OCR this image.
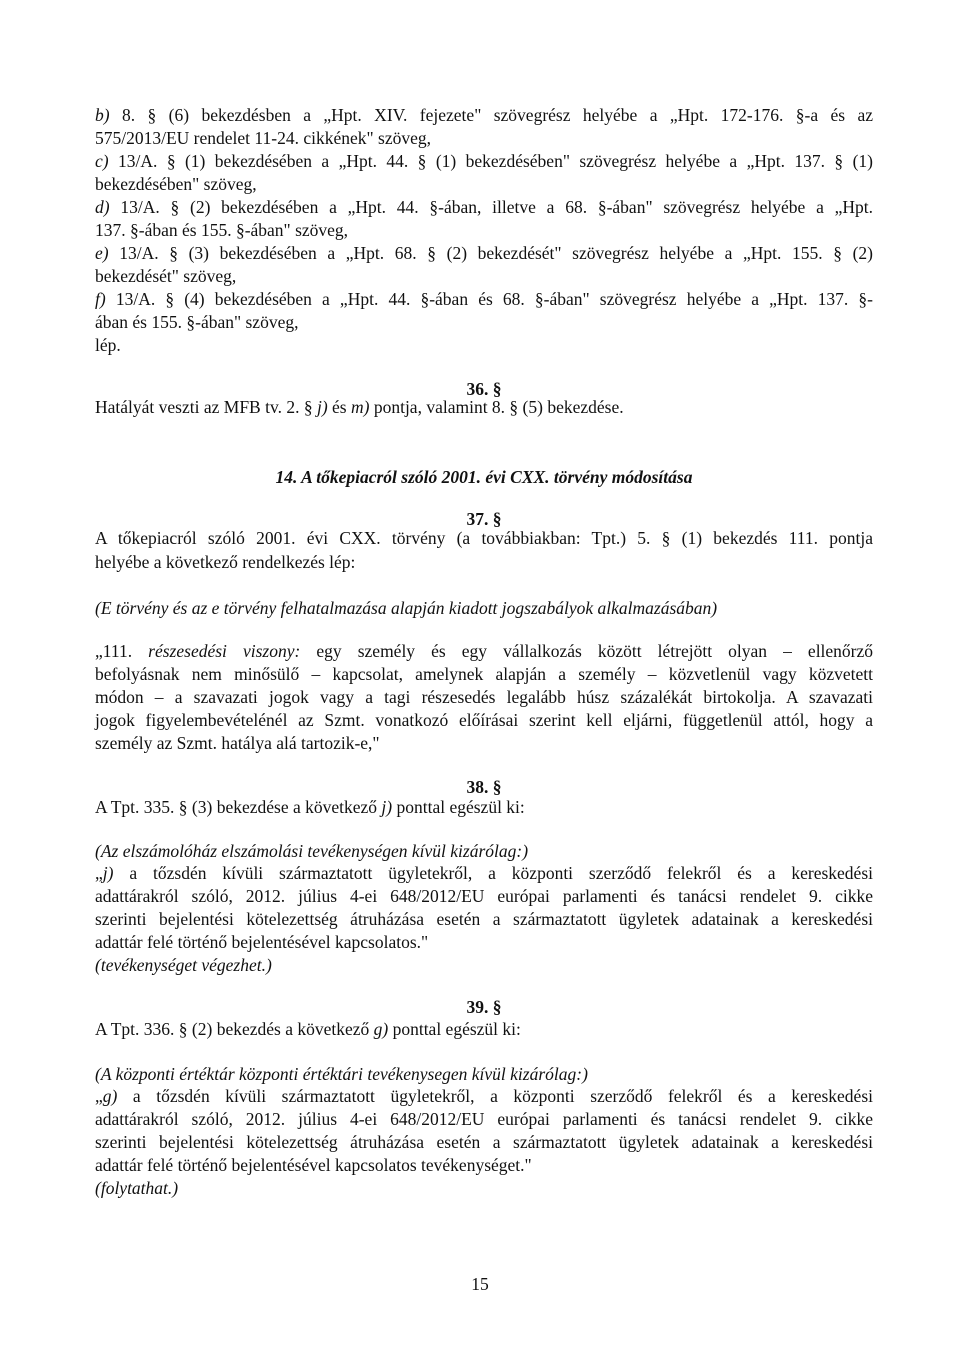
b) 8. § (6) bekezdésben a „Hpt. XIV. fejezete" szövegrész helyébe a „Hpt. 172-176. §-a és az
575/2013/EU rendelet 11-24. cikkének" szöveg,
c) 13/A. § (1) bekezdésében a „Hpt. 44. § (1) bekezdésében" szövegrész helyébe a „Hpt. 137. § (1)
bekezdésében" szöveg,
d) 13/A. § (2) bekezdésében a „Hpt. 44. §-ában, illetve a 68. §-ában" szövegrész helyébe a „Hpt.
137. §-ában és 155. §-ában" szöveg,
e) 13/A. § (3) bekezdésében a „Hpt. 68. § (2) bekezdését" szövegrész helyébe a „Hpt. 155. § (2)
bekezdését" szöveg,
f) 13/A. § (4) bekezdésében a „Hpt. 44. §-ában és 68. §-ában" szövegrész helyébe a „Hpt. 137. §-
ában és 155. §-ában" szöveg,
lép.
36. §
Hatályát veszti az MFB tv. 2. § j) és m) pontja, valamint 8. § (5) bekezdése.
14. A tőkepiacról szóló 2001. évi CXX. törvény módosítása
37. §
A tőkepiacról szóló 2001. évi CXX. törvény (a továbbiakban: Tpt.) 5. § (1) bekezdés 111. pontja
helyébe a következő rendelkezés lép:
(E törvény és az e törvény felhatalmazása alapján kiadott jogszabályok alkalmazásában)
„111. részesedési viszony: egy személy és egy vállalkozás között létrejött olyan – ellenőrző
befolyásnak nem minősülő – kapcsolat, amelynek alapján a személy – közvetlenül vagy közvetett
módon – a szavazati jogok vagy a tagi részesedés legalább húsz százalékát birtokolja. A szavazati
jogok figyelembevételénél az Szmt. vonatkozó előírásai szerint kell eljárni, függetlenül attól, hogy a
személy az Szmt. hatálya alá tartozik-e,"
38. §
A Tpt. 335. § (3) bekezdése a következő j) ponttal egészül ki:
(Az elszámolóház elszámolási tevékenységen kívül kizárólag:)
„j) a tőzsdén kívüli származtatott ügyletekről, a központi szerződő felekről és a kereskedési
adattárakról szóló, 2012. július 4-ei 648/2012/EU európai parlamenti és tanácsi rendelet 9. cikke
szerinti bejelentési kötelezettség átruházása esetén a származtatott ügyletek adatainak a kereskedési
adattár felé történő bejelentésével kapcsolatos."
(tevékenységet végezhet.)
39. §
A Tpt. 336. § (2) bekezdés a következő g) ponttal egészül ki:
(A központi értéktár központi értéktári tevékenysegen kívül kizárólag:)
„g) a tőzsdén kívüli származtatott ügyletekről, a központi szerződő felekről és a kereskedési
adattárakról szóló, 2012. július 4-ei 648/2012/EU európai parlamenti és tanácsi rendelet 9. cikke
szerinti bejelentési kötelezettség átruházása esetén a származtatott ügyletek adatainak a kereskedési
adattár felé történő bejelentésével kapcsolatos tevékenységet."
(folytathat.)
15
